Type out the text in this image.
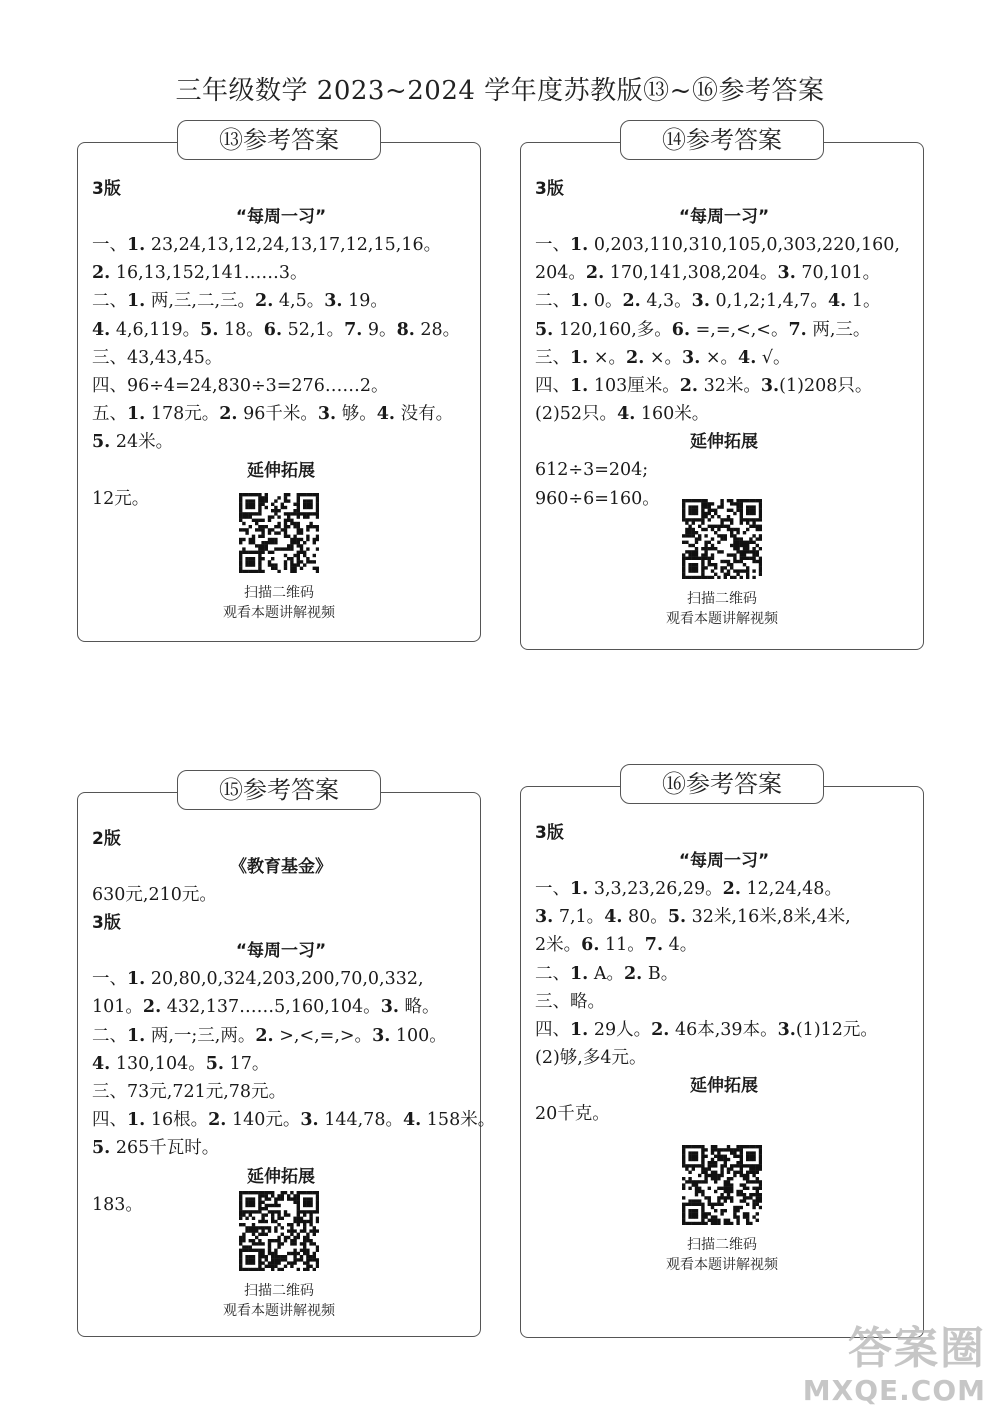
三年级数学 2023~2024 学年度苏教版⑬~⑯参考答案
3版
“每周一习”
一、1. 23,24,13,12,24,13,17,12,15,16。
2. 16,13,152,141……3。
二、1. 两,三,二,三。2. 4,5。3. 19。
4. 4,6,119。5. 18。6. 52,1。7. 9。8. 28。
三、43,43,45。
四、96÷4=24,830÷3=276……2。
五、1. 178元。2. 96千米。3. 够。4. 没有。
5. 24米。
延伸拓展
12元。
扫描二维码
观看本题讲解视频
⑬参考答案
3版
“每周一习”
一、1. 0,203,110,310,105,0,303,220,160,
204。2. 170,141,308,204。3. 70,101。
二、1. 0。2. 4,3。3. 0,1,2;1,4,7。4. 1。
5. 120,160,多。6. =,=,<,<。7. 两,三。
三、1. ×。2. ×。3. ×。4. √。
四、1. 103厘米。2. 32米。3.(1)208只。
(2)52只。4. 160米。
延伸拓展
612÷3=204;
960÷6=160。
扫描二维码
观看本题讲解视频
⑭参考答案
2版
《教育基金》
630元,210元。
3版
“每周一习”
一、1. 20,80,0,324,203,200,70,0,332,
101。2. 432,137……5,160,104。3. 略。
二、1. 两,一;三,两。2. >,<,=,>。3. 100。
4. 130,104。5. 17。
三、73元,721元,78元。
四、1. 16根。2. 140元。3. 144,78。4. 158米。
5. 265千瓦时。
延伸拓展
183。
扫描二维码
观看本题讲解视频
⑮参考答案
3版
“每周一习”
一、1. 3,3,23,26,29。2. 12,24,48。
3. 7,1。4. 80。5. 32米,16米,8米,4米,
2米。6. 11。7. 4。
二、1. A。2. B。
三、略。
四、1. 29人。2. 46本,39本。3.(1)12元。
(2)够,多4元。
延伸拓展
20千克。
扫描二维码
观看本题讲解视频
⑯参考答案
答案圈
MXQE.COM
